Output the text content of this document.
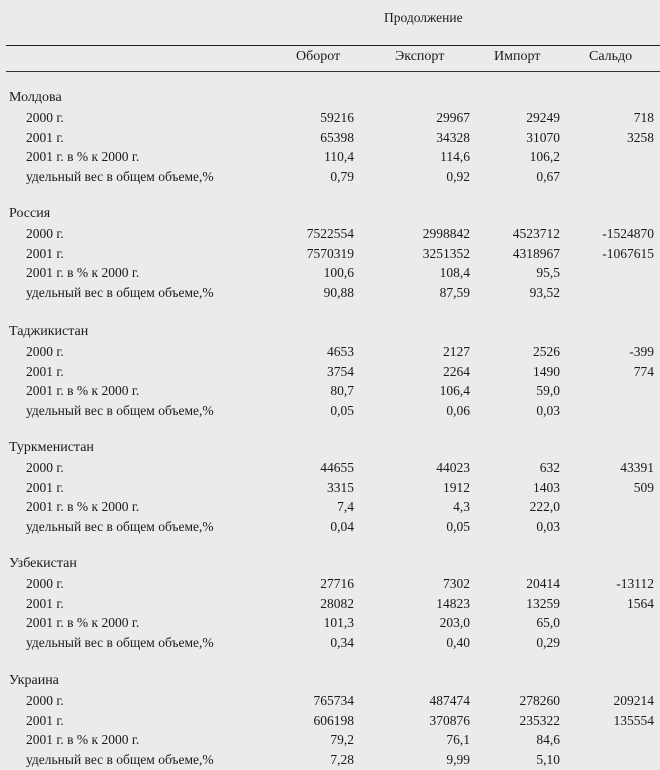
Продолжение
Оборот	Экспорт	Импорт	Сальдо
Молдова
2000 г.	59216	29967	29249	718
2001 г.	65398	34328	31070	3258
2001 г. в % к 2000 г.	110,4	114,6	106,2
удельный вес в общем объеме,%	0,79	0,92	0,67
Россия
2000 г.	7522554	2998842	4523712	-1524870
2001 г.	7570319	3251352	4318967	-1067615
2001 г. в % к 2000 г.	100,6	108,4	95,5
удельный вес в общем объеме,%	90,88	87,59	93,52
Таджикистан
2000 г.	4653	2127	2526	-399
2001 г.	3754	2264	1490	774
2001 г. в % к 2000 г.	80,7	106,4	59,0
удельный вес в общем объеме,%	0,05	0,06	0,03
Туркменистан
2000 г.	44655	44023	632	43391
2001 г.	3315	1912	1403	509
2001 г. в % к 2000 г.	7,4	4,3	222,0
удельный вес в общем объеме,%	0,04	0,05	0,03
Узбекистан
2000 г.	27716	7302	20414	-13112
2001 г.	28082	14823	13259	1564
2001 г. в % к 2000 г.	101,3	203,0	65,0
удельный вес в общем объеме,%	0,34	0,40	0,29
Украина
2000 г.	765734	487474	278260	209214
2001 г.	606198	370876	235322	135554
2001 г. в % к 2000 г.	79,2	76,1	84,6
удельный вес в общем объеме,%	7,28	9,99	5,10
